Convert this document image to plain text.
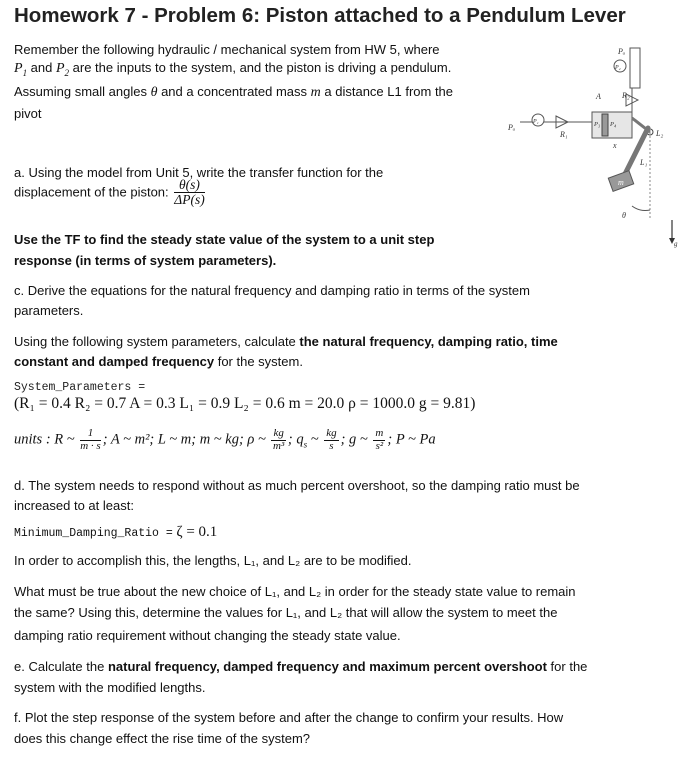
Homework 7 - Problem 6: Piston attached to a Pendulum Lever
Remember the following hydraulic / mechanical system from HW 5, where
$P_1$ and $P_2$ are the inputs to the system, and the piston is driving a pendulum.
Assuming small angles θ and a concentrated mass m a distance L1 from the
pivot
a. Using the model from Unit 5, write the transfer function for the
displacement of the piston: $\frac{\theta(s)}{\Delta P(s)}$
Use the TF to find the steady state value of the system to a unit step
response (in terms of system parameters).
c. Derive the equations for the natural frequency and damping ratio in terms of the system
parameters.
Using the following system parameters, calculate the natural frequency, damping ratio, time
constant and damped frequency for the system.
System_Parameters =
(R₁ = 0.4 R₂ = 0.7 A = 0.3 L₁ = 0.9 L₂ = 0.6 m = 20.0 ρ = 1000.0 g = 9.81)
units : R ~ $\frac{1}{m \cdot s}$ ; A ~ m²; L ~ m; m ~ kg; ρ ~ $\frac{kg}{\text{m³}}$ ; $q_s$ ~ $\frac{kg}{s}$ ; g ~ $\frac{m}{\text{s²}}$ ; P ~ Pa
d. The system needs to respond without as much percent overshoot, so the damping ratio must be
increased to at least:
Minimum_Damping_Ratio = ζ = 0.1
In order to accomplish this, the lengths, L₁, and L₂ are to be modified.
What must be true about the new choice of L₁, and L₂ in order for the steady state value to remain
the same? Using this, determine the values for L₁, and L₂ that will allow the system to meet the
damping ratio requirement without changing the steady state value.
e. Calculate the natural frequency, damped frequency and maximum percent overshoot for the
system with the modified lengths.
f. Plot the step response of the system before and after the change to confirm your results. How
does this change effect the rise time of the system?
Pₐ
P₂
A	R₂
Pₐ
P₁
R₁
P₃ P₄
x
L₂
L₁
m
θ
g
